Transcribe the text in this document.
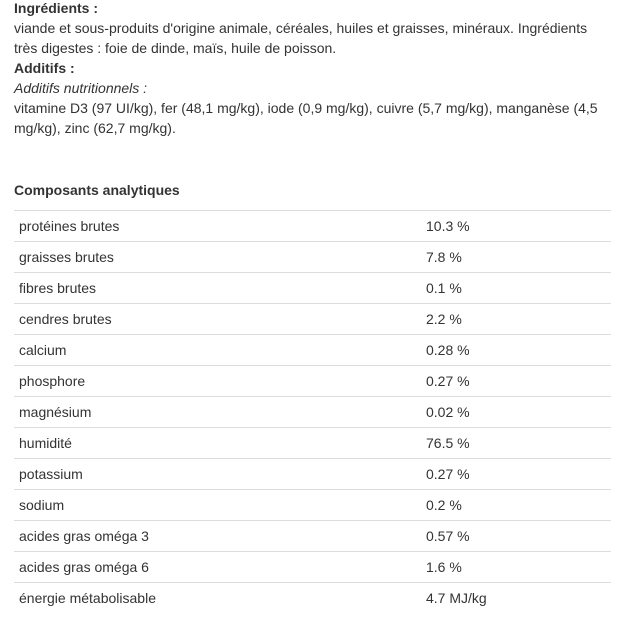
Ingrédients :

viande et sous-produits d'origine animale, céréales, huiles et graisses, minéraux. Ingrédients très digestes : foie de dinde, maïs, huile de poisson.

Additifs :

Additifs nutritionnels :

vitamine D3 (97 UI/kg), fer (48,1 mg/kg), iode (0,9 mg/kg), cuivre (5,7 mg/kg), manganèse (4,5 mg/kg), zinc (62,7 mg/kg).

Composants analytiques

protéines brutes	10.3 %
graisses brutes	7.8 %
fibres brutes	0.1 %
cendres brutes	2.2 %
calcium	0.28 %
phosphore	0.27 %
magnésium	0.02 %
humidité	76.5 %
potassium	0.27 %
sodium	0.2 %
acides gras oméga 3	0.57 %
acides gras oméga 6	1.6 %
énergie métabolisable	4.7 MJ/kg
